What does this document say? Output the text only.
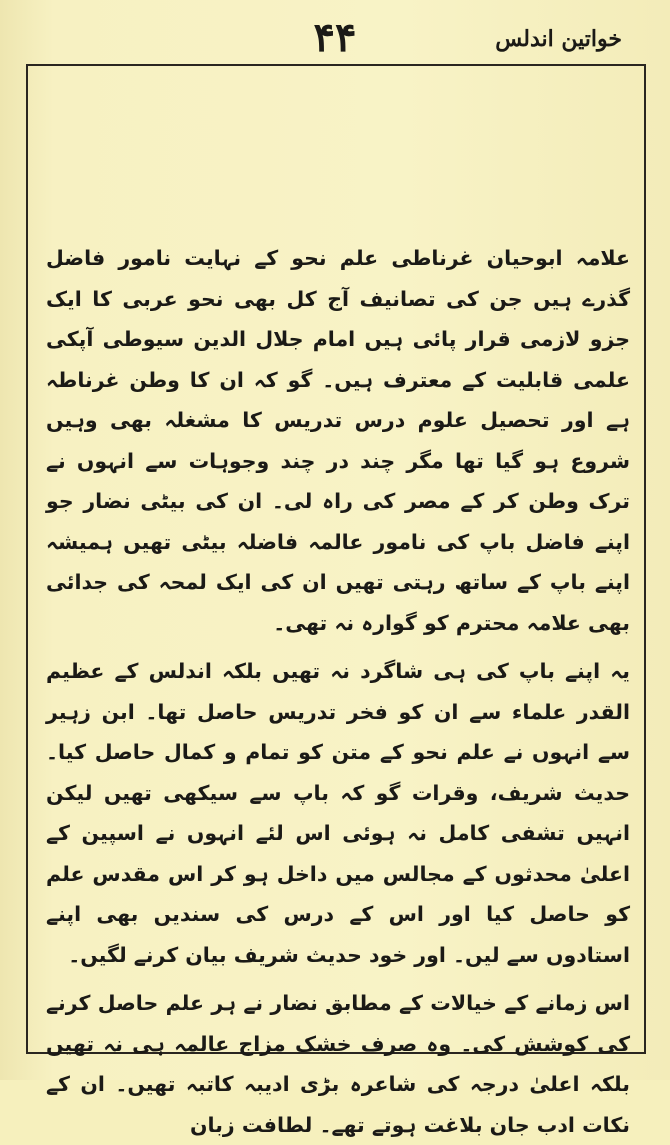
خواتین اندلس
۴۴

علامہ ابوحیان غرناطی علم نحو کے نہایت نامور فاضل گذرے ہیں جن کی تصانیف آج کل بھی نحو عربی کا ایک جزو لازمی قرار پائی ہیں امام جلال الدین سیوطی آپکی علمی قابلیت کے معترف ہیں۔ گو کہ ان کا وطن غرناطہ ہے اور تحصیل علوم درس تدریس کا مشغلہ بھی وہیں شروع ہو گیا تھا مگر چند در چند وجوہات سے انہوں نے ترک وطن کر کے مصر کی راہ لی۔ ان کی بیٹی نضار جو اپنے فاضل باپ کی نامور عالمہ فاضلہ بیٹی تھیں ہمیشہ اپنے باپ کے ساتھ رہتی تھیں ان کی ایک لمحہ کی جدائی بھی علامہ محترم کو گوارہ نہ تھی۔

یہ اپنے باپ کی ہی شاگرد نہ تھیں بلکہ اندلس کے عظیم القدر علماء سے ان کو فخر تدریس حاصل تھا۔ ابن زہیر سے انہوں نے علم نحو کے متن کو تمام و کمال حاصل کیا۔ حدیث شریف، وقرات گو کہ باپ سے سیکھی تھیں لیکن انہیں تشفی کامل نہ ہوئی اس لئے انہوں نے اسپین کے اعلیٰ محدثوں کے مجالس میں داخل ہو کر اس مقدس علم کو حاصل کیا اور اس کے درس کی سندیں بھی اپنے استادوں سے لیں۔ اور خود حدیث شریف بیان کرنے لگیں۔

اس زمانے کے خیالات کے مطابق نضار نے ہر علم حاصل کرنے کی کوشش کی۔ وہ صرف خشک مزاج عالمہ ہی نہ تھیں بلکہ اعلیٰ درجہ کی شاعرہ بڑی ادیبہ کاتبہ تھیں۔ ان کے نکات ادب جان بلاغت ہوتے تھے۔ لطافت زبان
